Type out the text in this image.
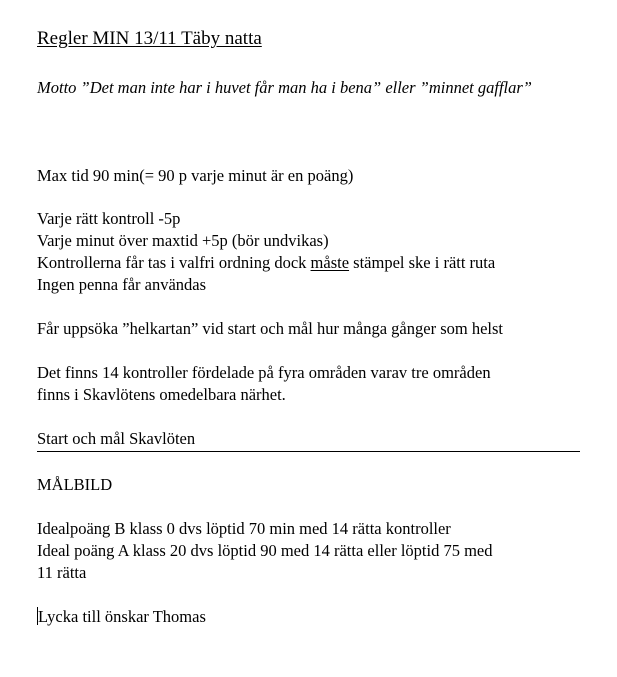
Regler MIN 13/11 Täby natta
Motto ”Det man inte har i huvet får man ha i bena” eller ”minnet gafflar”
Max tid 90 min(= 90 p varje minut är en poäng)
Varje rätt kontroll -5p
Varje minut över maxtid +5p (bör undvikas)
Kontrollerna får tas i valfri ordning dock måste stämpel ske i rätt ruta
Ingen penna får användas
Får uppsöka ”helkartan” vid start och mål hur många gånger som helst
Det finns 14 kontroller fördelade på fyra områden varav tre områden
finns i Skavlötens omedelbara närhet.
Start och mål Skavlöten
MÅLBILD
Idealpoäng B klass 0 dvs löptid 70 min med 14 rätta kontroller
Ideal poäng A klass 20 dvs löptid 90 med 14 rätta eller löptid 75 med
11 rätta
Lycka till önskar Thomas
